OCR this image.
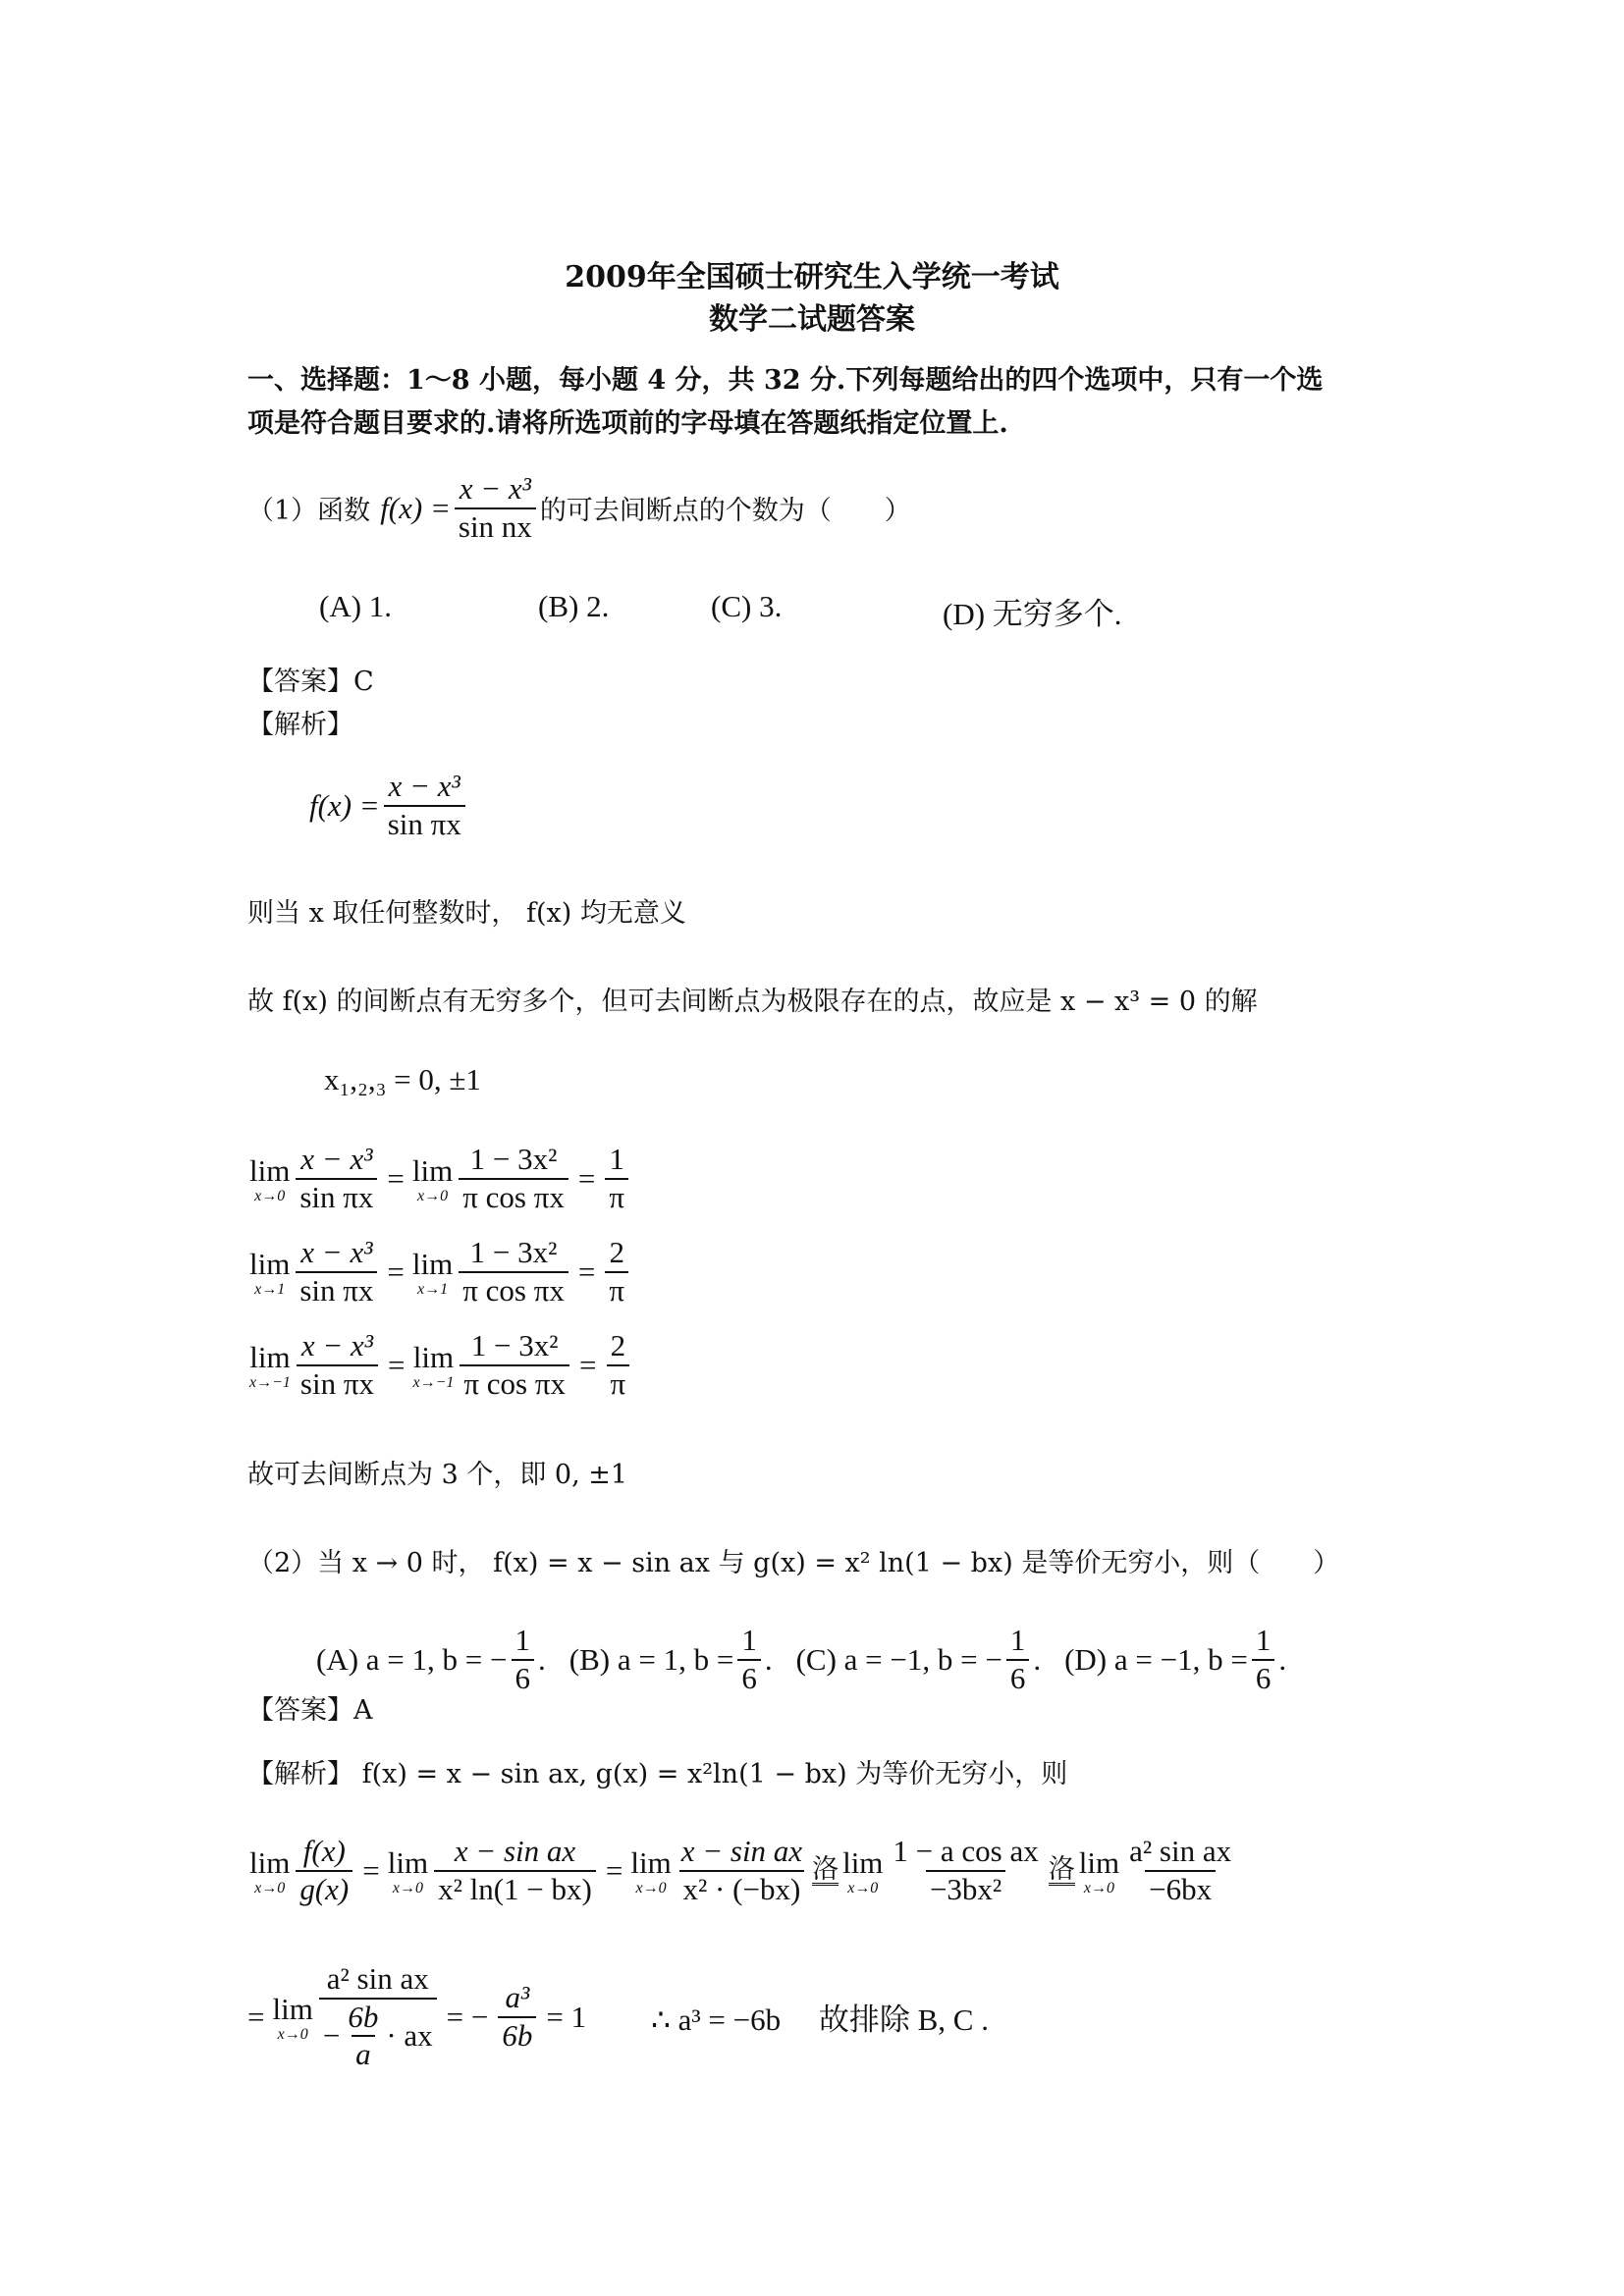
2009年全国硕士研究生入学统一考试
数学二试题答案
一、选择题：1～8 小题，每小题 4 分，共 32 分.下列每题给出的四个选项中，只有一个选
项是符合题目要求的.请将所选项前的字母填在答题纸指定位置上.
（1）函数 $f(x) = \frac{\text{x − x³}}{\text{sin nx}}$ 的可去间断点的个数为（　　）
(A) 1.	(B) 2.	(C) 3.	(D) 无穷多个.
【答案】C
【解析】
$f(x) = \frac{\text{x − x³}}{\text{sin πx}}$
则当 x 取任何整数时， f(x) 均无意义
故 f(x) 的间断点有无穷多个，但可去间断点为极限存在的点，故应是 x − x³ = 0 的解
x₁,₂,₃ = 0, ±1
lim
$x\to 0 \frac{\text{x − x³}}{\text{sin πx}} = \lim$
$x\to 0 \frac{\text{1 − 3x²}}{\text{π cos πx}} = \frac{1}{\pi}$
lim
$x\to 1 \frac{\text{x − x³}}{\text{sin πx}} = \lim$
$x\to 1 \frac{\text{1 − 3x²}}{\text{π cos πx}} = \frac{2}{\pi}$
lim
$x\to-1 \frac{\text{x − x³}}{\text{sin πx}} = \lim$
$x\to-1 \frac{\text{1 − 3x²}}{\text{π cos πx}} = \frac{2}{\pi}$
故可去间断点为 3 个，即 0, ±1
（2）当 x → 0 时， f(x) = x − sin ax 与 g(x) = x² ln(1 − bx) 是等价无穷小，则（　　）
(A) a = 1, b = − $\frac{1}{6}$ . (B) a = 1, $b = \frac{1}{6}$ . (C) a = −1, b = − $\frac{1}{6}$ . (D) a = −1, $b = \frac{1}{6}$ .
【答案】A
【解析】 f(x) = x − sin ax, g(x) = x²ln(1 − bx) 为等价无穷小，则
lim
$x\to 0 \frac{f(x)}{g(x)} = \lim$
$x\to 0 \frac{\text{x − sin ax}}{\text{x² ln(1 − bx)}} = \lim$
$x\to 0 \frac{\text{x − sin ax}}{\text{x² · (−bx)}}$ 洛 lim
$x\to 0 \frac{\text{1 − a cos ax}}{\text{−3bx²}}$ 洛 lim
$x\to 0 \frac{\text{a² sin ax}}{-6bx}$
= lim
$x\to 0 \frac{\text{a² sin ax}}{- \frac{6b}{a} \cdot ax}$ = − $\frac{\text{a³}}{6b} = 1$ ∴ a³ = −6b　 故排除 B, C .
